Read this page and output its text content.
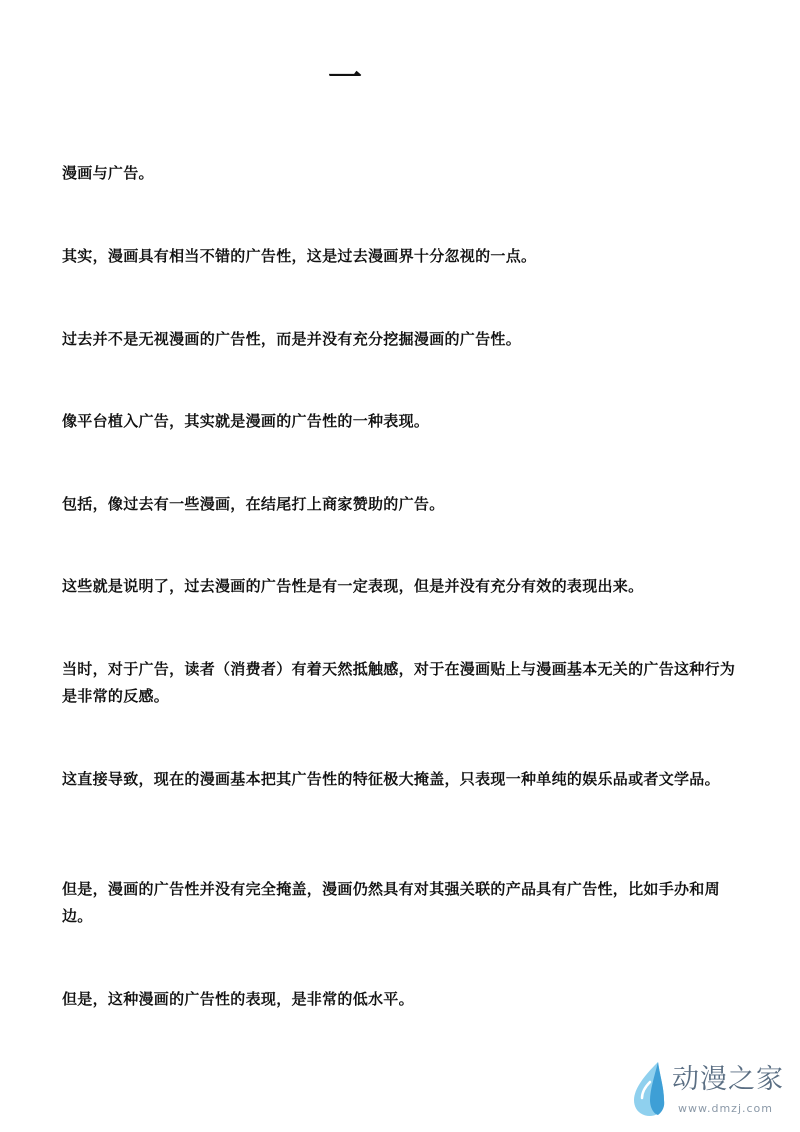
一

漫画与广告。

其实，漫画具有相当不错的广告性，这是过去漫画界十分忽视的一点。

过去并不是无视漫画的广告性，而是并没有充分挖掘漫画的广告性。

像平台植入广告，其实就是漫画的广告性的一种表现。

包括，像过去有一些漫画，在结尾打上商家赞助的广告。

这些就是说明了，过去漫画的广告性是有一定表现，但是并没有充分有效的表现出来。

当时，对于广告，读者（消费者）有着天然抵触感，对于在漫画贴上与漫画基本无关的广告这种行为是非常的反感。

这直接导致，现在的漫画基本把其广告性的特征极大掩盖，只表现一种单纯的娱乐品或者文学品。

但是，漫画的广告性并没有完全掩盖，漫画仍然具有对其强关联的产品具有广告性，比如手办和周边。

但是，这种漫画的广告性的表现，是非常的低水平。

动漫之家
www.dmzj.com
